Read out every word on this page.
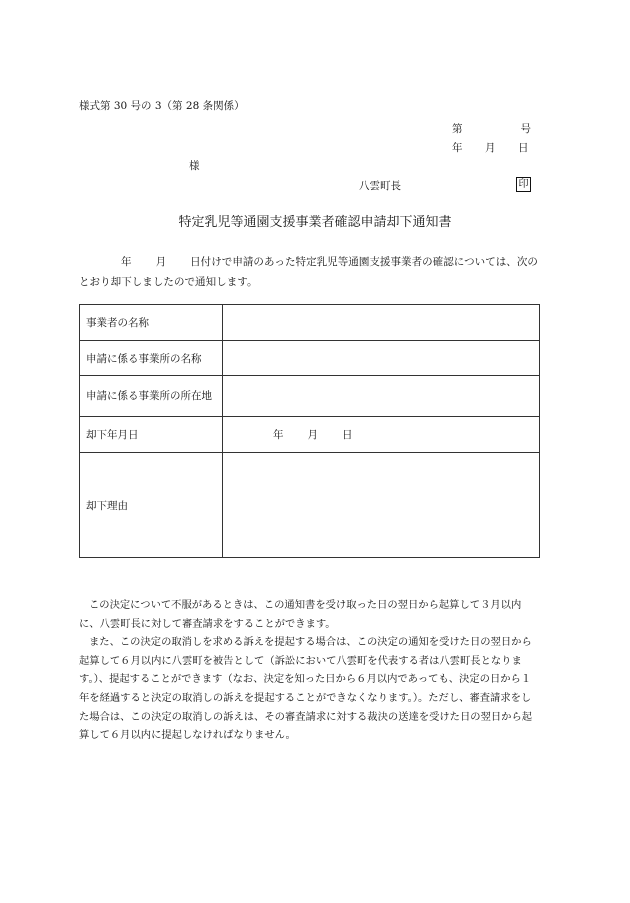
様式第 30 号の 3（第 28 条関係）
第	号
年 月 日
様
八雲町長	印
特定乳児等通園支援事業者確認申請却下通知書
年 月 日付けで申請のあった特定乳児等通園支援事業者の確認については、次のとおり却下しましたので通知します。
事業者の名称	
申請に係る事業所の名称	
申請に係る事業所の所在地	
却下年月日	年 月 日
却下理由	

この決定について不服があるときは、この通知書を受け取った日の翌日から起算して３月以内に、八雲町長に対して審査請求をすることができます。

また、この決定の取消しを求める訴えを提起する場合は、この決定の通知を受けた日の翌日から起算して６月以内に八雲町を被告として（訴訟において八雲町を代表する者は八雲町長となります。）、提起することができます（なお、決定を知った日から６月以内であっても、決定の日から１年を経過すると決定の取消しの訴えを提起することができなくなります。）。ただし、審査請求をした場合は、この決定の取消しの訴えは、その審査請求に対する裁決の送達を受けた日の翌日から起算して６月以内に提起しなければなりません。
